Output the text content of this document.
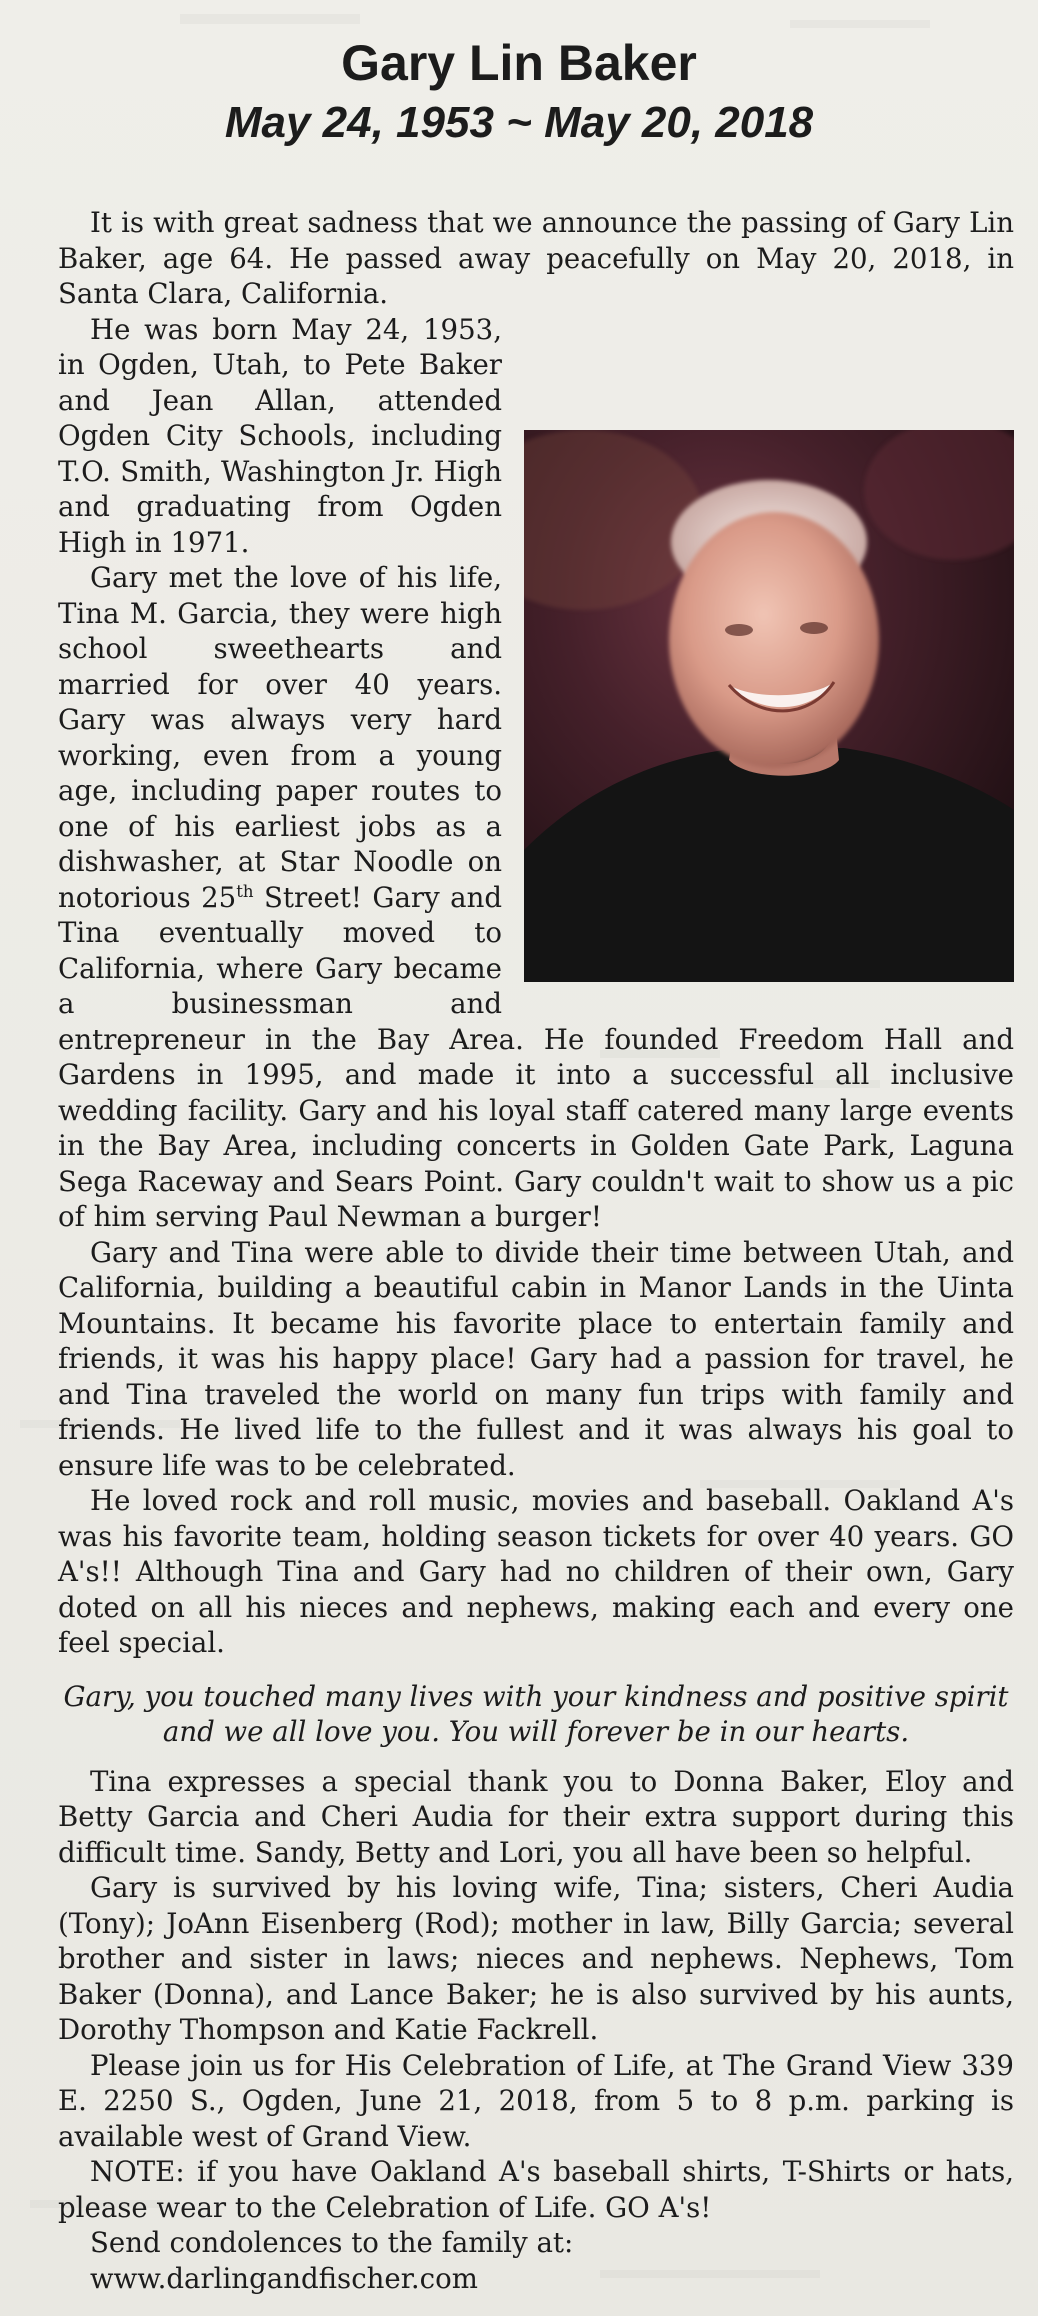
Gary Lin Baker
May 24, 1953 ~ May 20, 2018

It is with great sadness that we announce the passing of Gary Lin Baker, age 64. He passed away peacefully on May 20, 2018, in Santa Clara, California.

He was born May 24, 1953, in Ogden, Utah, to Pete Baker and Jean Allan, attended Ogden City Schools, including T.O. Smith, Washington Jr. High and graduating from Ogden High in 1971.

Gary met the love of his life, Tina M. Garcia, they were high school sweethearts and married for over 40 years. Gary was always very hard working, even from a young age, including paper routes to one of his earliest jobs as a dishwasher, at Star Noodle on notorious 25th Street! Gary and Tina eventually moved to California, where Gary became a businessman and entrepreneur in the Bay Area. He founded Freedom Hall and Gardens in 1995, and made it into a successful all inclusive wedding facility. Gary and his loyal staff catered many large events in the Bay Area, including concerts in Golden Gate Park, Laguna Sega Raceway and Sears Point. Gary couldn't wait to show us a pic of him serving Paul Newman a burger!

Gary and Tina were able to divide their time between Utah, and California, building a beautiful cabin in Manor Lands in the Uinta Mountains. It became his favorite place to entertain family and friends, it was his happy place! Gary had a passion for travel, he and Tina traveled the world on many fun trips with family and friends. He lived life to the fullest and it was always his goal to ensure life was to be celebrated.

He loved rock and roll music, movies and baseball. Oakland A's was his favorite team, holding season tickets for over 40 years. GO A's!! Although Tina and Gary had no children of their own, Gary doted on all his nieces and nephews, making each and every one feel special.

Gary, you touched many lives with your kindness and positive spirit and we all love you. You will forever be in our hearts.

Tina expresses a special thank you to Donna Baker, Eloy and Betty Garcia and Cheri Audia for their extra support during this difficult time. Sandy, Betty and Lori, you all have been so helpful.

Gary is survived by his loving wife, Tina; sisters, Cheri Audia (Tony); JoAnn Eisenberg (Rod); mother in law, Billy Garcia; several brother and sister in laws; nieces and nephews. Nephews, Tom Baker (Donna), and Lance Baker; he is also survived by his aunts, Dorothy Thompson and Katie Fackrell.

Please join us for His Celebration of Life, at The Grand View 339 E. 2250 S., Ogden, June 21, 2018, from 5 to 8 p.m. parking is available west of Grand View.

NOTE: if you have Oakland A's baseball shirts, T-Shirts or hats, please wear to the Celebration of Life. GO A's!

Send condolences to the family at:

www.darlingandfischer.com
